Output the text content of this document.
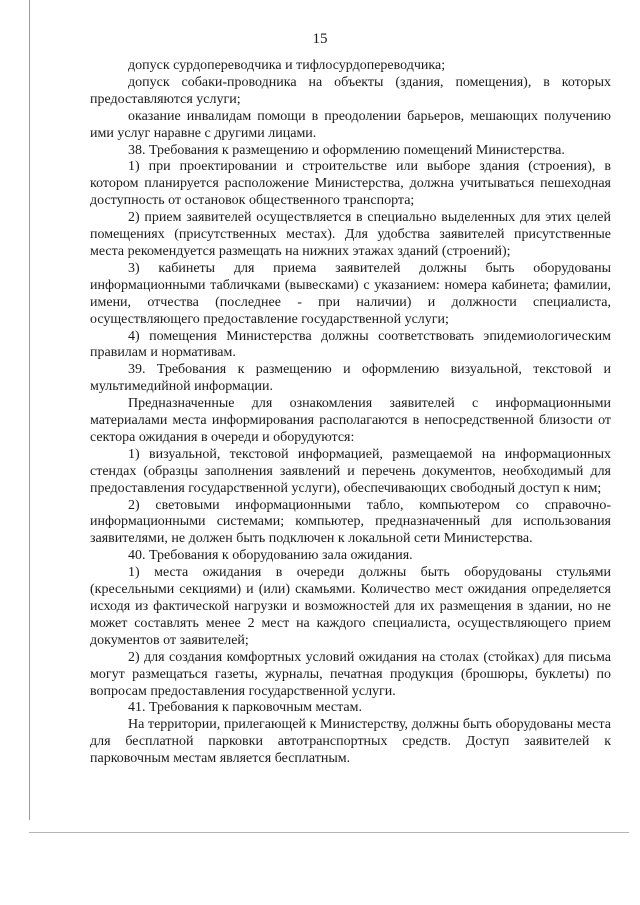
15

допуск сурдопереводчика и тифлосурдопереводчика;

допуск собаки-проводника на объекты (здания, помещения), в которых предоставляются услуги;

оказание инвалидам помощи в преодолении барьеров, мешающих получению ими услуг наравне с другими лицами.

38. Требования к размещению и оформлению помещений Министерства.

1) при проектировании и строительстве или выборе здания (строения), в котором планируется расположение Министерства, должна учитываться пешеходная доступность от остановок общественного транспорта;

2) прием заявителей осуществляется в специально выделенных для этих целей помещениях (присутственных местах). Для удобства заявителей присутственные места рекомендуется размещать на нижних этажах зданий (строений);

3) кабинеты для приема заявителей должны быть оборудованы информационными табличками (вывесками) с указанием: номера кабинета; фамилии, имени, отчества (последнее - при наличии) и должности специалиста, осуществляющего предоставление государственной услуги;

4) помещения Министерства должны соответствовать эпидемиологическим правилам и нормативам.

39. Требования к размещению и оформлению визуальной, текстовой и мультимедийной информации.

Предназначенные для ознакомления заявителей с информационными материалами места информирования располагаются в непосредственной близости от сектора ожидания в очереди и оборудуются:

1) визуальной, текстовой информацией, размещаемой на информационных стендах (образцы заполнения заявлений и перечень документов, необходимый для предоставления государственной услуги), обеспечивающих свободный доступ к ним;

2) световыми информационными табло, компьютером со справочно-информационными системами; компьютер, предназначенный для использования заявителями, не должен быть подключен к локальной сети Министерства.

40. Требования к оборудованию зала ожидания.

1) места ожидания в очереди должны быть оборудованы стульями (кресельными секциями) и (или) скамьями. Количество мест ожидания определяется исходя из фактической нагрузки и возможностей для их размещения в здании, но не может составлять менее 2 мест на каждого специалиста, осуществляющего прием документов от заявителей;

2) для создания комфортных условий ожидания на столах (стойках) для письма могут размещаться газеты, журналы, печатная продукция (брошюры, буклеты) по вопросам предоставления государственной услуги.

41. Требования к парковочным местам.

На территории, прилегающей к Министерству, должны быть оборудованы места для бесплатной парковки автотранспортных средств. Доступ заявителей к парковочным местам является бесплатным.
